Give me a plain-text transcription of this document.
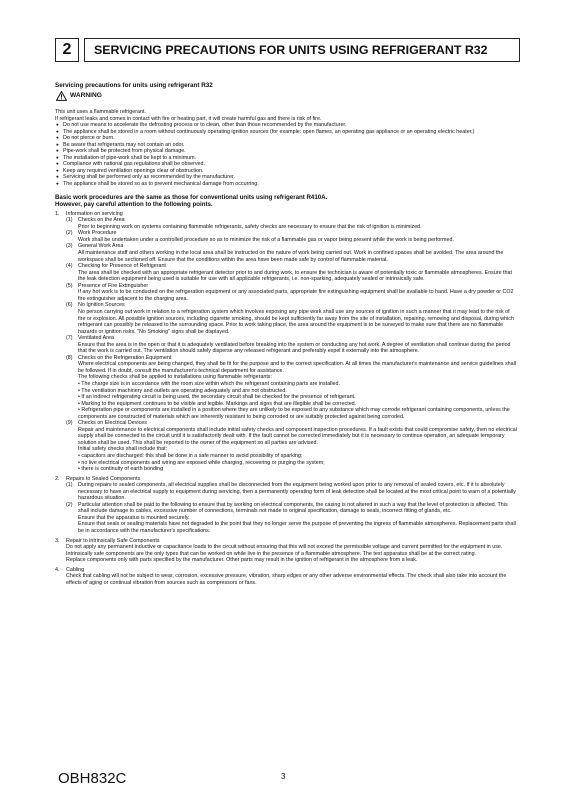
2	SERVICING PRECAUTIONS FOR UNITS USING REFRIGERANT R32
Servicing precautions for units using refrigerant R32
WARNING
This unit uses a flammable refrigerant.
If refrigerant leaks and comes in contact with fire or heating part, it will create harmful gas and there is risk of fire.
● Do not use means to accelerate the defrosting process or to clean, other than those recommended by the manufacturer.
● The appliance shall be stored in a room without continuously operating ignition sources (for example: open flames, an operating gas appliance or an operating electric heater.)
● Do not pierce or burn.
● Be aware that refrigerants may not contain an odor.
● Pipe-work shall be protected from physical damage.
● The installation of pipe-work shall be kept to a minimum.
● Compliance with national gas regulations shall be observed.
● Keep any required ventilation openings clear of obstruction.
● Servicing shall be performed only as recommended by the manufacturer.
● The appliance shall be stored so as to prevent mechanical damage from occurring.
Basic work procedures are the same as those for conventional units using refrigerant R410A.
However, pay careful attention to the following points.
1.	Information on servicing
(1)	Checks on the Area
Prior to beginning work on systems containing flammable refrigerants, safety checks are necessary to ensure that the risk of ignition is minimized.
(2)	Work Procedure
Work shall be undertaken under a controlled procedure so as to minimize the risk of a flammable gas or vapor being present while the work is being performed.
(3)	General Work Area
All maintenance staff and others working in the local area shall be instructed on the nature of work being carried out. Work in confined spaces shall be avoided. The area around the workspace shall be sectioned off. Ensure that the conditions within the area have been made safe by control of flammable material.
(4)	Checking for Presence of Refrigerant
The area shall be checked with an appropriate refrigerant detector prior to and during work, to ensure the technician is aware of potentially toxic or flammable atmospheres. Ensure that the leak detection equipment being used is suitable for use with all applicable refrigerants, i.e. non-sparking, adequately sealed or intrinsically safe.
(5)	Presence of Fire Extinguisher
If any hot work is to be conducted on the refrigeration equipment or any associated parts, appropriate fire extinguishing equipment shall be available to hand. Have a dry powder or CO2 fire extinguisher adjacent to the charging area.
(6)	No Ignition Sources
No person carrying out work in relation to a refrigeration system which involves exposing any pipe work shall use any sources of ignition in such a manner that it may lead to the risk of fire or explosion. All possible ignition sources, including cigarette smoking, should be kept sufficiently far away from the site of installation, repairing, removing and disposal, during which refrigerant can possibly be released to the surrounding space. Prior to work taking place, the area around the equipment is to be surveyed to make sure that there are no flammable hazards or ignition risks. "No Smoking" signs shall be displayed.
(7)	Ventilated Area
Ensure that the area is in the open or that it is adequately ventilated before breaking into the system or conducting any hot work. A degree of ventilation shall continue during the period that the work is carried out. The ventilation should safely disperse any released refrigerant and preferably expel it externally into the atmosphere.
(8)	Checks on the Refrigeration Equipment
Where electrical components are being changed, they shall be fit for the purpose and to the correct specification. At all times the manufacturer's maintenance and service guidelines shall be followed. If in doubt, consult the manufacturer's technical department for assistance.
The following checks shall be applied to installations using flammable refrigerants:
• The charge size is in accordance with the room size within which the refrigerant containing parts are installed.
• The ventilation machinery and outlets are operating adequately and are not obstructed.
• If an indirect refrigerating circuit is being used, the secondary circuit shall be checked for the presence of refrigerant.
• Marking to the equipment continues to be visible and legible. Markings and signs that are illegible shall be corrected.
• Refrigeration pipe or components are installed in a position where they are unlikely to be exposed to any substance which may corrode refrigerant containing components, unless the components are constructed of materials which are inherently resistant to being corroded or are suitably protected against being corroded.
(9)	Checks on Electrical Devices
Repair and maintenance to electrical components shall include initial safety checks and component inspection procedures. If a fault exists that could compromise safety, then no electrical supply shall be connected to the circuit until it is satisfactorily dealt with. If the fault cannot be corrected immediately but it is necessary to continue operation, an adequate temporary solution shall be used. This shall be reported to the owner of the equipment so all parties are advised.
Initial safety checks shall include that:
• capacitors are discharged: this shall be done in a safe manner to avoid possibility of sparking;
• no live electrical components and wiring are exposed while charging, recovering or purging the system;
• there is continuity of earth bonding
2.	Repairs to Sealed Components
(1)	During repairs to sealed components, all electrical supplies shall be disconnected from the equipment being worked upon prior to any removal of sealed covers, etc. If it is absolutely necessary to have an electrical supply to equipment during servicing, then a permanently operating form of leak detection shall be located at the most critical point to warn of a potentially hazardous situation.
(2)	Particular attention shall be paid to the following to ensure that by working on electrical components, the casing is not altered in such a way that the level of protection is affected. This shall include damage to cables, excessive number of connections, terminals not made to original specification, damage to seals, incorrect fitting of glands, etc.
Ensure that the apparatus is mounted securely.
Ensure that seals or sealing materials have not degraded to the point that they no longer serve the purpose of preventing the ingress of flammable atmospheres. Replacement parts shall be in accordance with the manufacturer's specifications.
3.	Repair to intrinsically Safe Components
Do not apply any permanent inductive or capacitance loads to the circuit without ensuring that this will not exceed the permissible voltage and current permitted for the equipment in use.
Intrinsically safe components are the only types that can be worked on while live in the presence of a flammable atmosphere. The test apparatus shall be at the correct rating.
Replace components only with parts specified by the manufacturer. Other parts may result in the ignition of refrigerant in the atmosphere from a leak.
4.	Cabling
Check that cabling will not be subject to wear, corrosion, excessive pressure, vibration, sharp edges or any other adverse environmental effects. The check shall also take into account the effects of aging or continual vibration from sources such as compressors or fans.
OBH832C	3
